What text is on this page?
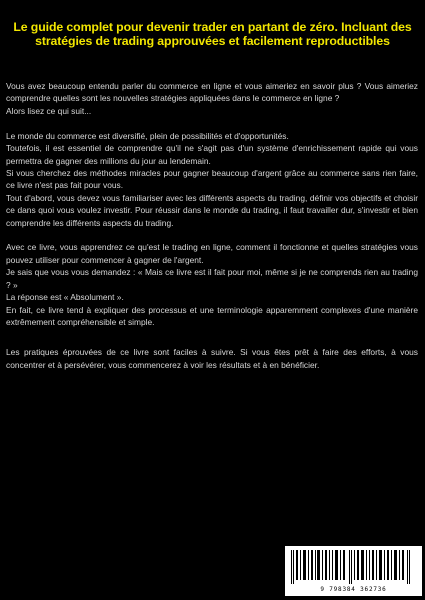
Le guide complet pour devenir trader en partant de zéro. Incluant des stratégies de trading approuvées et facilement reproductibles

Vous avez beaucoup entendu parler du commerce en ligne et vous aimeriez en savoir plus ? Vous aimeriez comprendre quelles sont les nouvelles stratégies appliquées dans le commerce en ligne ?

Alors lisez ce qui suit...

Le monde du commerce est diversifié, plein de possibilités et d'opportunités.

Toutefois, il est essentiel de comprendre qu'il ne s'agit pas d'un système d'enrichissement rapide qui vous permettra de gagner des millions du jour au lendemain.

Si vous cherchez des méthodes miracles pour gagner beaucoup d'argent grâce au commerce sans rien faire, ce livre n'est pas fait pour vous.

Tout d'abord, vous devez vous familiariser avec les différents aspects du trading, définir vos objectifs et choisir ce dans quoi vous voulez investir. Pour réussir dans le monde du trading, il faut travailler dur, s'investir et bien comprendre les différents aspects du trading.

Avec ce livre, vous apprendrez ce qu'est le trading en ligne, comment il fonctionne et quelles stratégies vous pouvez utiliser pour commencer à gagner de l'argent.

Je sais que vous vous demandez : « Mais ce livre est il fait pour moi, même si je ne comprends rien au trading ? »

La réponse est « Absolument ».

En fait, ce livre tend à expliquer des processus et une terminologie apparemment complexes d'une manière extrêmement compréhensible et simple.

Les pratiques éprouvées de ce livre sont faciles à suivre. Si vous êtes prêt à faire des efforts, à vous concentrer et à persévérer, vous commencerez à voir les résultats et à en bénéficier.

9 798384 362736
